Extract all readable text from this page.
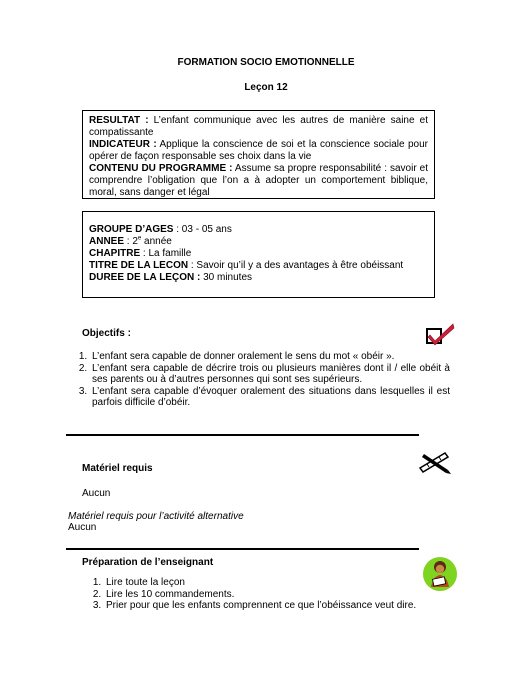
FORMATION SOCIO EMOTIONNELLE
Leçon 12
RESULTAT : L’enfant communique avec les autres de manière saine et compatissante
INDICATEUR : Applique la conscience de soi et la conscience sociale pour opérer de façon responsable ses choix dans la vie
CONTENU DU PROGRAMME : Assume sa propre responsabilité : savoir et comprendre l’obligation que l’on a à adopter un comportement biblique, moral, sans danger et légal
GROUPE D’AGES : 03 - 05 ans
ANNEE : 2e année
CHAPITRE : La famille
TITRE DE LA LECON : Savoir qu’il y a des avantages à être obéissant
DUREE DE LA LEÇON : 30 minutes
Objectifs :
1. L’enfant sera capable de donner oralement le sens du mot « obéir ».
2. L’enfant sera capable de décrire trois ou plusieurs manières dont il / elle obéit à ses parents ou à d’autres personnes qui sont ses supérieurs.
3. L’enfant sera capable d’évoquer oralement des situations dans lesquelles il est parfois difficile d’obéir.
Matériel requis
Aucun
Matériel requis pour l’activité alternative
Aucun
Préparation de l’enseignant
1. Lire toute la leçon
2. Lire les 10 commandements.
3. Prier pour que les enfants comprennent ce que l’obéissance veut dire.
